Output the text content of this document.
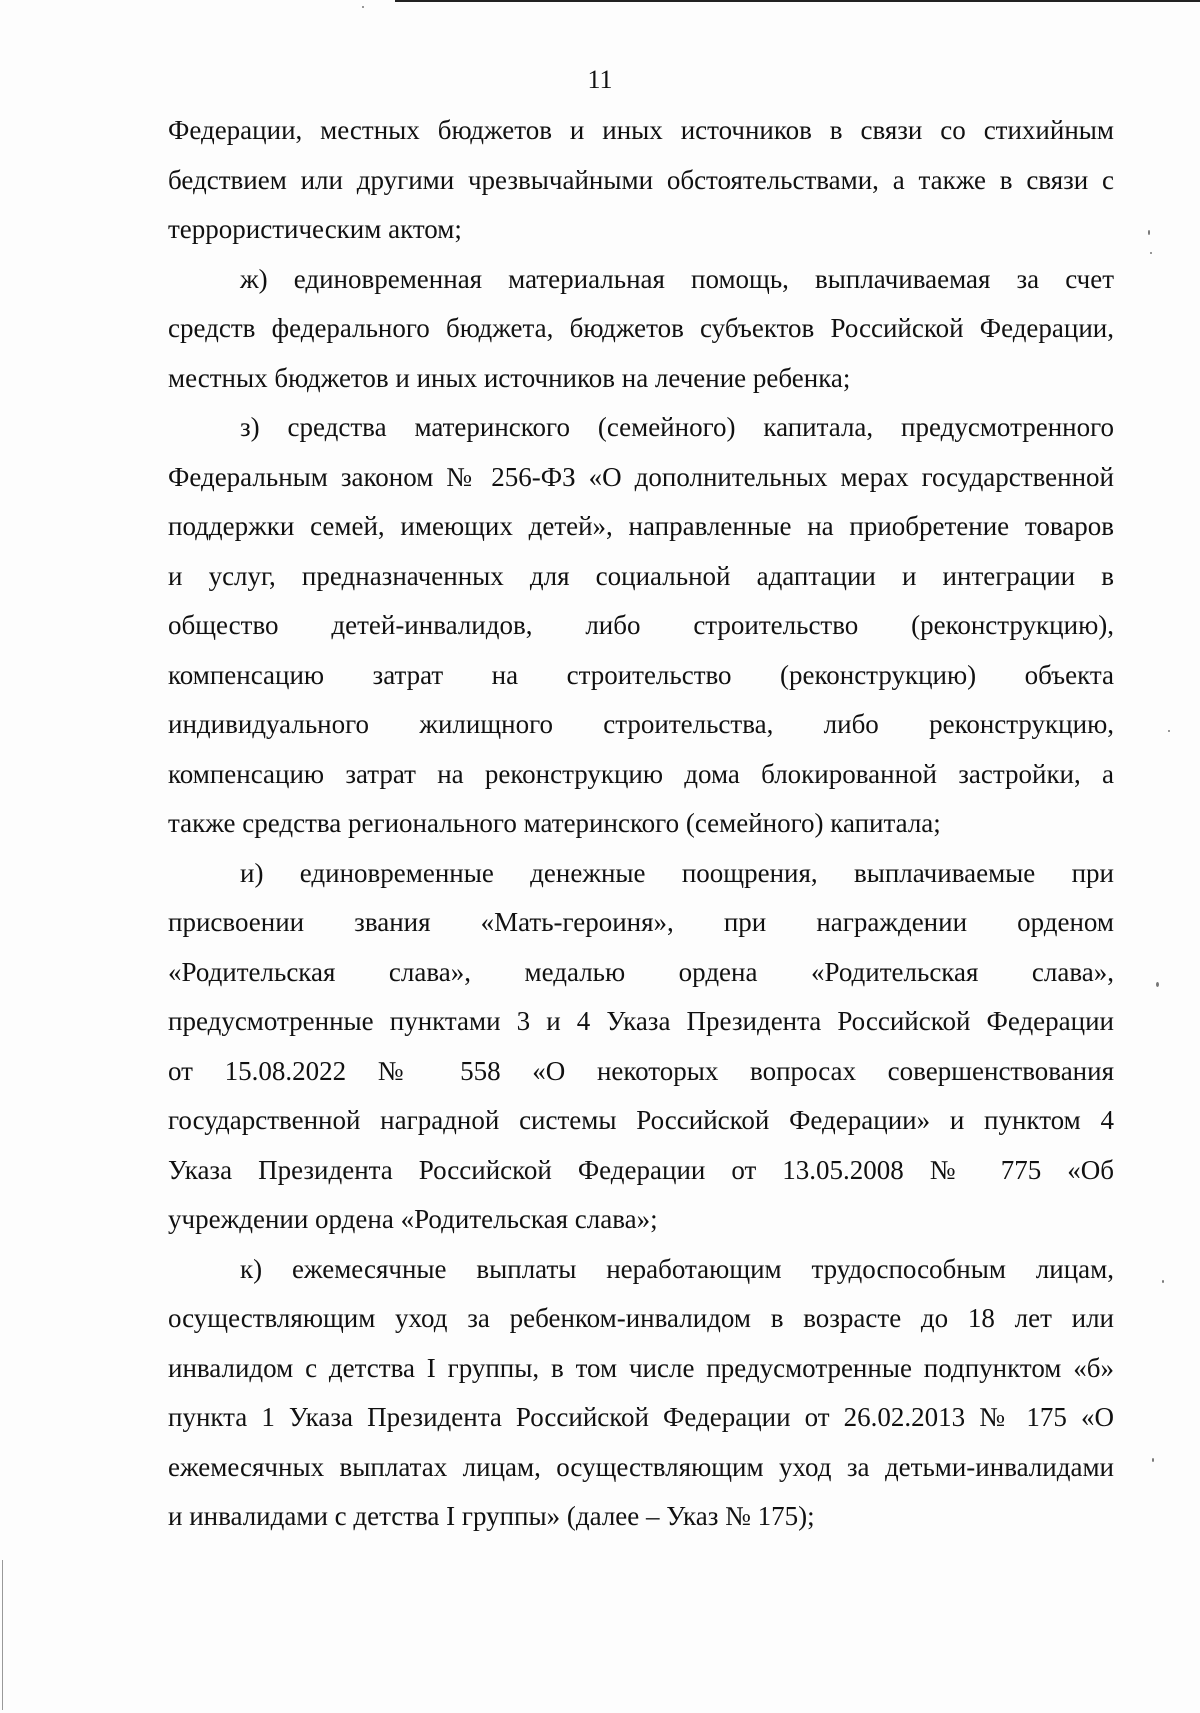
11

Федерации, местных бюджетов и иных источников в связи со стихийным
бедствием или другими чрезвычайными обстоятельствами, а также в связи с
террористическим актом;

ж) единовременная материальная помощь, выплачиваемая за счет
средств федерального бюджета, бюджетов субъектов Российской Федерации,
местных бюджетов и иных источников на лечение ребенка;

з) средства материнского (семейного) капитала, предусмотренного
Федеральным законом № 256-ФЗ «О дополнительных мерах государственной
поддержки семей, имеющих детей», направленные на приобретение товаров
и услуг, предназначенных для социальной адаптации и интеграции в
общество детей-инвалидов, либо строительство (реконструкцию),
компенсацию затрат на строительство (реконструкцию) объекта
индивидуального жилищного строительства, либо реконструкцию,
компенсацию затрат на реконструкцию дома блокированной застройки, а
также средства регионального материнского (семейного) капитала;

и) единовременные денежные поощрения, выплачиваемые при
присвоении звания «Мать-героиня», при награждении орденом
«Родительская слава», медалью ордена «Родительская слава»,
предусмотренные пунктами 3 и 4 Указа Президента Российской Федерации
от 15.08.2022 № 558 «О некоторых вопросах совершенствования
государственной наградной системы Российской Федерации» и пунктом 4
Указа Президента Российской Федерации от 13.05.2008 № 775 «Об
учреждении ордена «Родительская слава»;

к) ежемесячные выплаты неработающим трудоспособным лицам,
осуществляющим уход за ребенком-инвалидом в возрасте до 18 лет или
инвалидом с детства I группы, в том числе предусмотренные подпунктом «б»
пункта 1 Указа Президента Российской Федерации от 26.02.2013 № 175 «О
ежемесячных выплатах лицам, осуществляющим уход за детьми-инвалидами
и инвалидами с детства I группы» (далее – Указ № 175);
